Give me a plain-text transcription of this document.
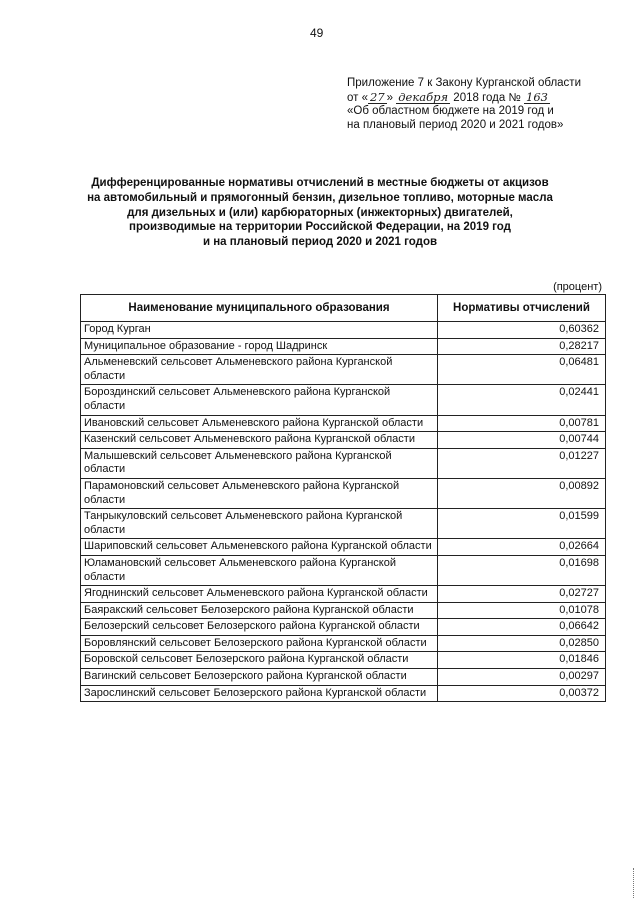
49
Приложение 7 к Закону Курганской области
от « 27 » декабря 2018 года № 163
«Об областном бюджете на 2019 год и
на плановый период 2020 и 2021 годов»
Дифференцированные нормативы отчислений в местные бюджеты от акцизов
на автомобильный и прямогонный бензин, дизельное топливо, моторные масла
для дизельных и (или) карбюраторных (инжекторных) двигателей,
производимые на территории Российской Федерации, на 2019 год
и на плановый период 2020 и 2021 годов
(процент)
Наименование муниципального образования	Нормативы отчислений
Город Курган	0,60362
Муниципальное образование - город Шадринск	0,28217
Альменевский сельсовет Альменевского района Курганской области	0,06481
Бороздинский сельсовет Альменевского района Курганской области	0,02441
Ивановский сельсовет Альменевского района Курганской области	0,00781
Казенский сельсовет Альменевского района Курганской области	0,00744
Малышевский сельсовет Альменевского района Курганской области	0,01227
Парамоновский сельсовет Альменевского района Курганской области	0,00892
Танрыкуловский сельсовет Альменевского района Курганской области	0,01599
Шариповский сельсовет Альменевского района Курганской области	0,02664
Юламановский сельсовет Альменевского района Курганской области	0,01698
Ягоднинский сельсовет Альменевского района Курганской области	0,02727
Баяракский сельсовет Белозерского района Курганской области	0,01078
Белозерский сельсовет Белозерского района Курганской области	0,06642
Боровлянский сельсовет Белозерского района Курганской области	0,02850
Боровской сельсовет Белозерского района Курганской области	0,01846
Вагинский сельсовет Белозерского района Курганской области	0,00297
Зарослинский сельсовет Белозерского района Курганской области	0,00372
